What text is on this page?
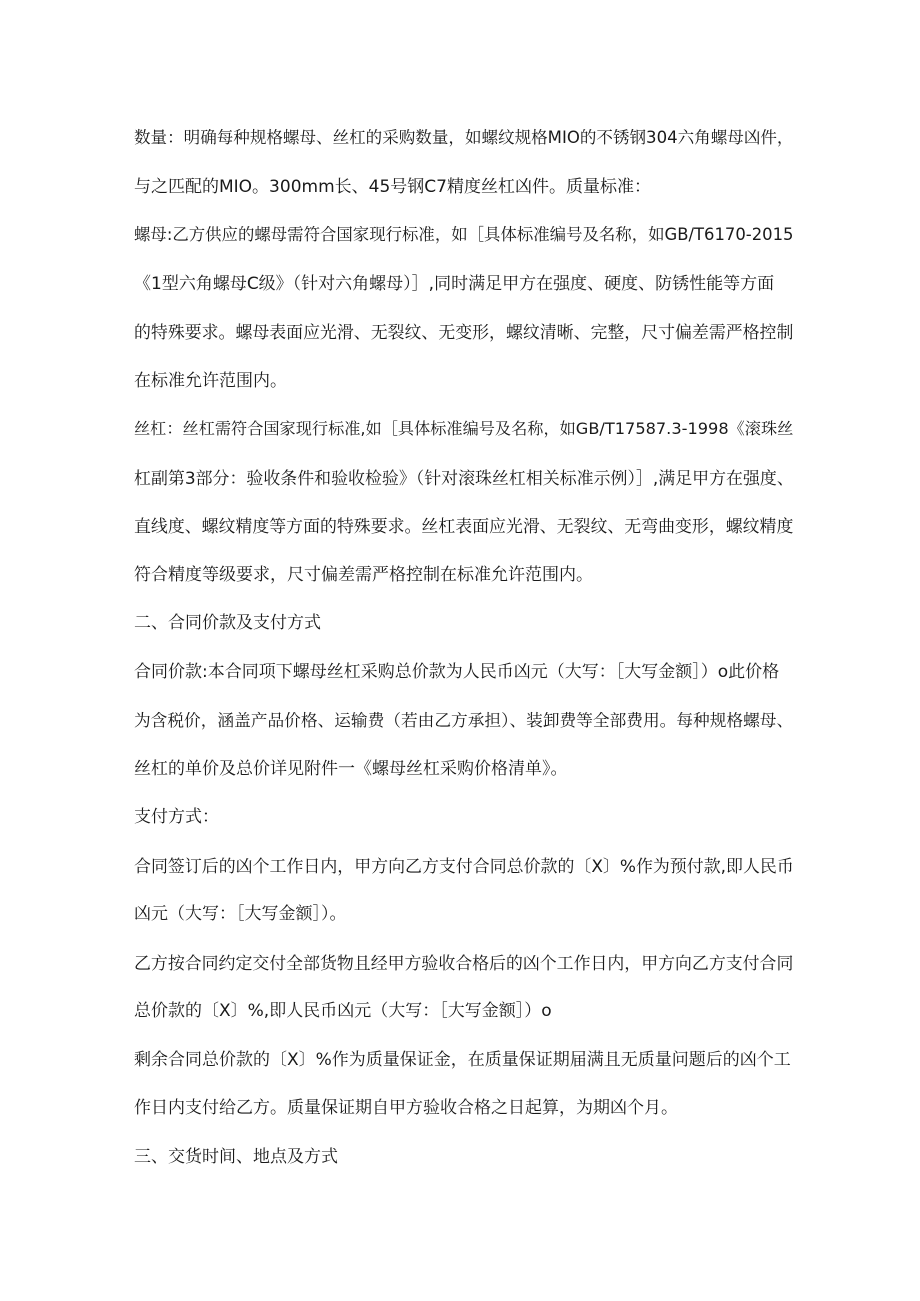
数量：明确每种规格螺母、丝杠的采购数量，如螺纹规格MIO的不锈钢304六角螺母凶件，
与之匹配的MIO。300mm长、45号钢C7精度丝杠凶件。质量标准：
螺母:乙方供应的螺母需符合国家现行标准，如［具体标准编号及名称，如GB/T6170-2015
《1型六角螺母C级》（针对六角螺母）］,同时满足甲方在强度、硬度、防锈性能等方面
的特殊要求。螺母表面应光滑、无裂纹、无变形，螺纹清晰、完整，尺寸偏差需严格控制
在标准允许范围内。
丝杠：丝杠需符合国家现行标准,如［具体标准编号及名称，如GB/T17587.3-1998《滚珠丝
杠副第3部分：验收条件和验收检验》（针对滚珠丝杠相关标准示例）］,满足甲方在强度、
直线度、螺纹精度等方面的特殊要求。丝杠表面应光滑、无裂纹、无弯曲变形，螺纹精度
符合精度等级要求，尺寸偏差需严格控制在标准允许范围内。
二、合同价款及支付方式
合同价款:本合同项下螺母丝杠采购总价款为人民币凶元（大写：［大写金额］）o此价格
为含税价，涵盖产品价格、运输费（若由乙方承担）、装卸费等全部费用。每种规格螺母、
丝杠的单价及总价详见附件一《螺母丝杠采购价格清单》。
支付方式：
合同签订后的凶个工作日内，甲方向乙方支付合同总价款的〔X〕%作为预付款,即人民币
凶元（大写：［大写金额］）。
乙方按合同约定交付全部货物且经甲方验收合格后的凶个工作日内，甲方向乙方支付合同
总价款的〔X〕%,即人民币凶元（大写：［大写金额］）o
剩余合同总价款的〔X〕%作为质量保证金，在质量保证期届满且无质量问题后的凶个工
作日内支付给乙方。质量保证期自甲方验收合格之日起算，为期凶个月。
三、交货时间、地点及方式
